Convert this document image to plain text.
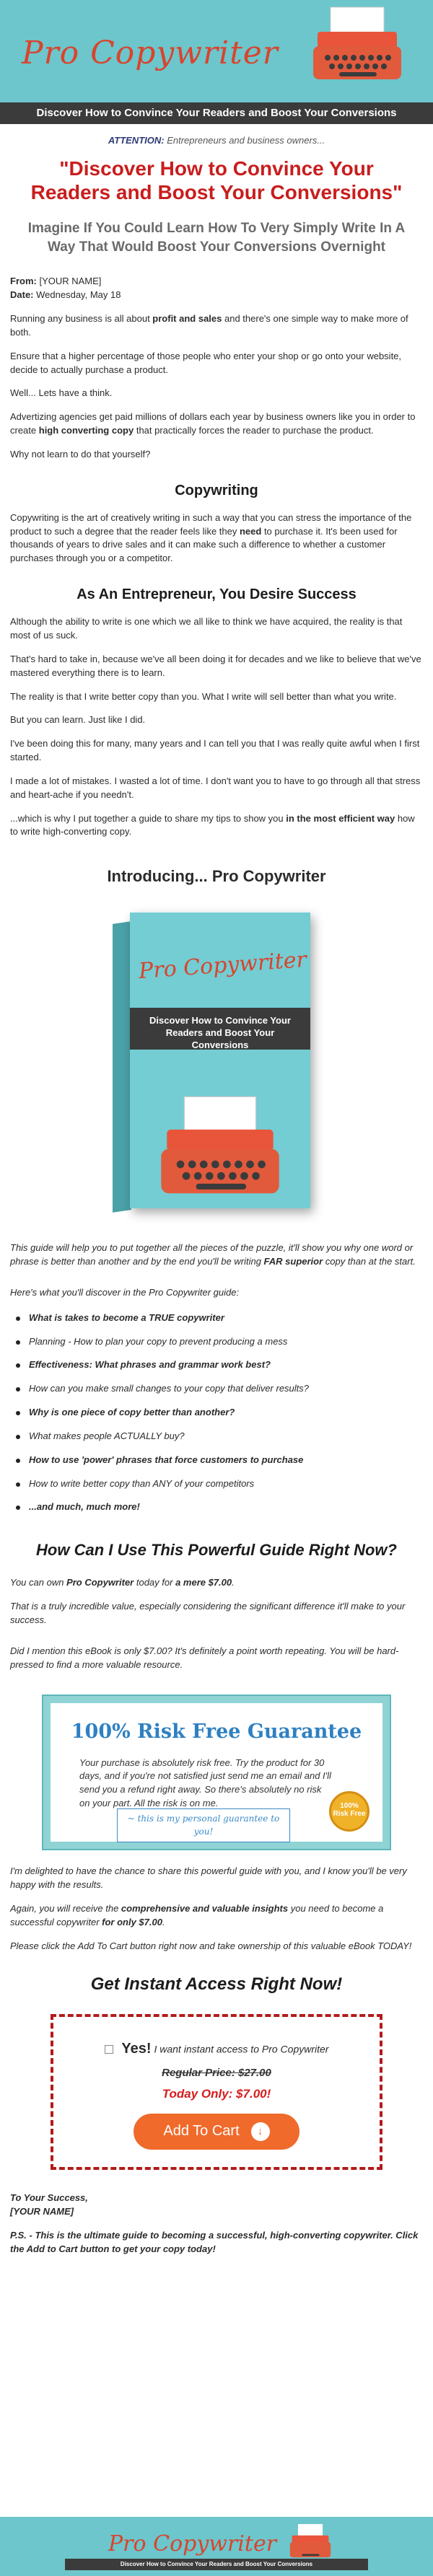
Pro Copywriter
Discover How to Convince Your Readers and Boost Your Conversions
ATTENTION: Entrepreneurs and business owners...
"Discover How to Convince Your Readers and Boost Your Conversions"
Imagine If You Could Learn How To Very Simply Write In A Way That Would Boost Your Conversions Overnight
From: [YOUR NAME]
Date: Wednesday, May 18

Running any business is all about profit and sales and there's one simple way to make more of both.

Ensure that a higher percentage of those people who enter your shop or go onto your website, decide to actually purchase a product.

Well... Lets have a think.

Advertizing agencies get paid millions of dollars each year by business owners like you in order to create high converting copy that practically forces the reader to purchase the product.

Why not learn to do that yourself?

Copywriting

Copywriting is the art of creatively writing in such a way that you can stress the importance of the product to such a degree that the reader feels like they need to purchase it. It's been used for thousands of years to drive sales and it can make such a difference to whether a customer purchases through you or a competitor.

As An Entrepreneur, You Desire Success

Although the ability to write is one which we all like to think we have acquired, the reality is that most of us suck.

That's hard to take in, because we've all been doing it for decades and we like to believe that we've mastered everything there is to learn.

The reality is that I write better copy than you. What I write will sell better than what you write.

But you can learn. Just like I did.

I've been doing this for many, many years and I can tell you that I was really quite awful when I first started.

I made a lot of mistakes. I wasted a lot of time. I don't want you to have to go through all that stress and heart-ache if you needn't.

...which is why I put together a guide to share my tips to show you in the most efficient way how to write high-converting copy.

Introducing... Pro Copywriter
Pro Copywriter
Discover How to Convince Your Readers and Boost Your Conversions

This guide will help you to put together all the pieces of the puzzle, it'll show you why one word or phrase is better than another and by the end you'll be writing FAR superior copy than at the start.

Here's what you'll discover in the Pro Copywriter guide:

What is takes to become a TRUE copywriter
Planning - How to plan your copy to prevent producing a mess
Effectiveness: What phrases and grammar work best?
How can you make small changes to your copy that deliver results?
Why is one piece of copy better than another?
What makes people ACTUALLY buy?
How to use 'power' phrases that force customers to purchase
How to write better copy than ANY of your competitors
...and much, much more!
How Can I Use This Powerful Guide Right Now?

You can own Pro Copywriter today for a mere $7.00.

That is a truly incredible value, especially considering the significant difference it'll make to your success.

Did I mention this eBook is only $7.00? It's definitely a point worth repeating. You will be hard-pressed to find a more valuable resource.

100% Risk Free Guarantee
Your purchase is absolutely risk free. Try the product for 30 days, and if you're not satisfied just send me an email and I'll send you a refund right away. So there's absolutely no risk on your part. All the risk is on me.
~ this is my personal guarantee to you!
100%
Risk Free

I'm delighted to have the chance to share this powerful guide with you, and I know you'll be very happy with the results.

Again, you will receive the comprehensive and valuable insights you need to become a successful copywriter for only $7.00.

Please click the Add To Cart button right now and take ownership of this valuable eBook TODAY!

Get Instant Access Right Now!
Yes! I want instant access to Pro Copywriter
Regular Price: $27.00
Today Only: $7.00!
Add To Cart	↓
To Your Success,
[YOUR NAME]

P.S. - This is the ultimate guide to becoming a successful, high-converting copywriter. Click the Add to Cart button to get your copy today!

Pro Copywriter
Discover How to Convince Your Readers and Boost Your Conversions
